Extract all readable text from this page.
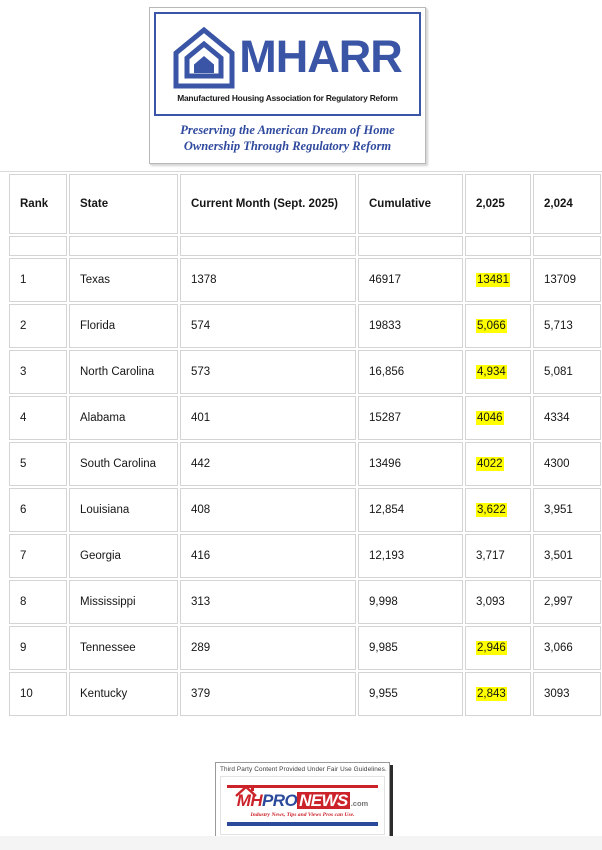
MHARR
Manufactured Housing Association for Regulatory Reform
Preserving the American Dream of Home
Ownership Through Regulatory Reform
Rank	State	Current Month (Sept. 2025)	Cumulative	2,025	2,024

1	Texas	1378	46917	13481	13709
2	Florida	574	19833	5,066	5,713
3	North Carolina	573	16,856	4,934	5,081
4	Alabama	401	15287	4046	4334
5	South Carolina	442	13496	4022	4300
6	Louisiana	408	12,854	3,622	3,951
7	Georgia	416	12,193	3,717	3,501
8	Mississippi	313	9,998	3,093	2,997
9	Tennessee	289	9,985	2,946	3,066
10	Kentucky	379	9,955	2,843	3093
Third Party Content Provided Under Fair Use Guidelines.
MH PRO NEWS .com
Industry News, Tips and Views Pros can Use.
